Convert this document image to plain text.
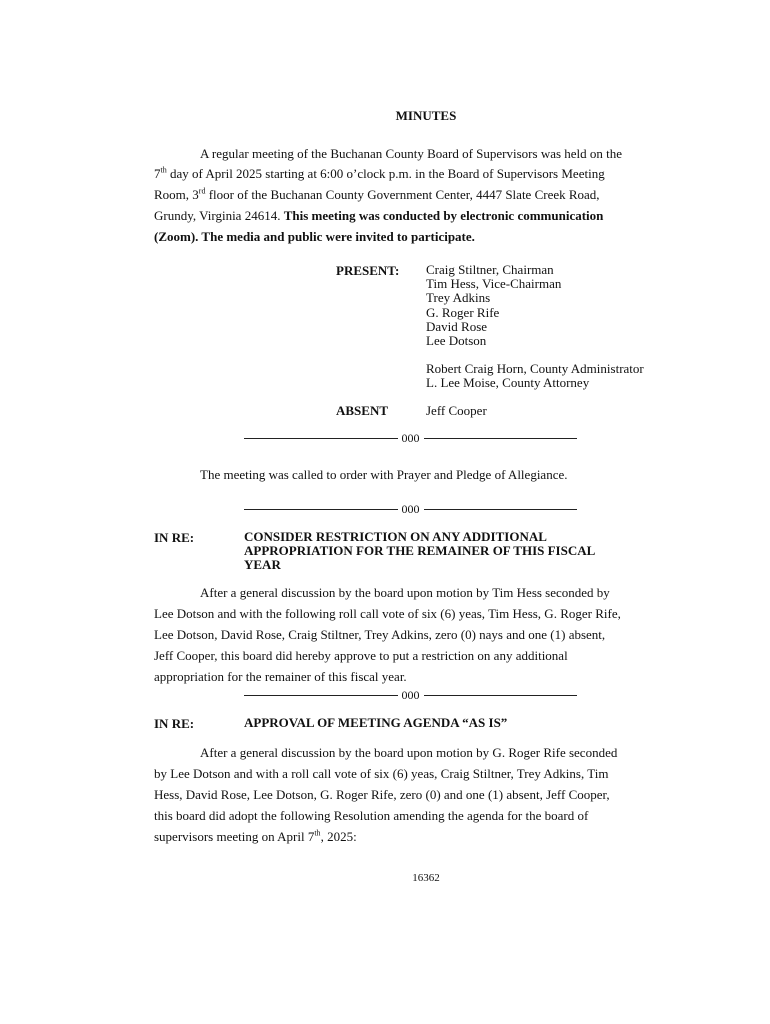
MINUTES
A regular meeting of the Buchanan County Board of Supervisors was held on the
7th day of April 2025 starting at 6:00 o’clock p.m. in the Board of Supervisors Meeting
Room, 3rd floor of the Buchanan County Government Center, 4447 Slate Creek Road,
Grundy, Virginia 24614. This meeting was conducted by electronic communication
(Zoom). The media and public were invited to participate.
PRESENT: Craig Stiltner, Chairman
Tim Hess, Vice-Chairman
Trey Adkins
G. Roger Rife
David Rose
Lee Dotson
Robert Craig Horn, County Administrator
L. Lee Moise, County Attorney
ABSENT	Jeff Cooper
000
The meeting was called to order with Prayer and Pledge of Allegiance.
000
IN RE:	CONSIDER RESTRICTION ON ANY ADDITIONAL
APPROPRIATION FOR THE REMAINER OF THIS FISCAL
YEAR
After a general discussion by the board upon motion by Tim Hess seconded by
Lee Dotson and with the following roll call vote of six (6) yeas, Tim Hess, G. Roger Rife,
Lee Dotson, David Rose, Craig Stiltner, Trey Adkins, zero (0) nays and one (1) absent,
Jeff Cooper, this board did hereby approve to put a restriction on any additional
appropriation for the remainer of this fiscal year.
000
IN RE:	APPROVAL OF MEETING AGENDA “AS IS”
After a general discussion by the board upon motion by G. Roger Rife seconded
by Lee Dotson and with a roll call vote of six (6) yeas, Craig Stiltner, Trey Adkins, Tim
Hess, David Rose, Lee Dotson, G. Roger Rife, zero (0) and one (1) absent, Jeff Cooper,
this board did adopt the following Resolution amending the agenda for the board of
supervisors meeting on April 7th, 2025:
16362
